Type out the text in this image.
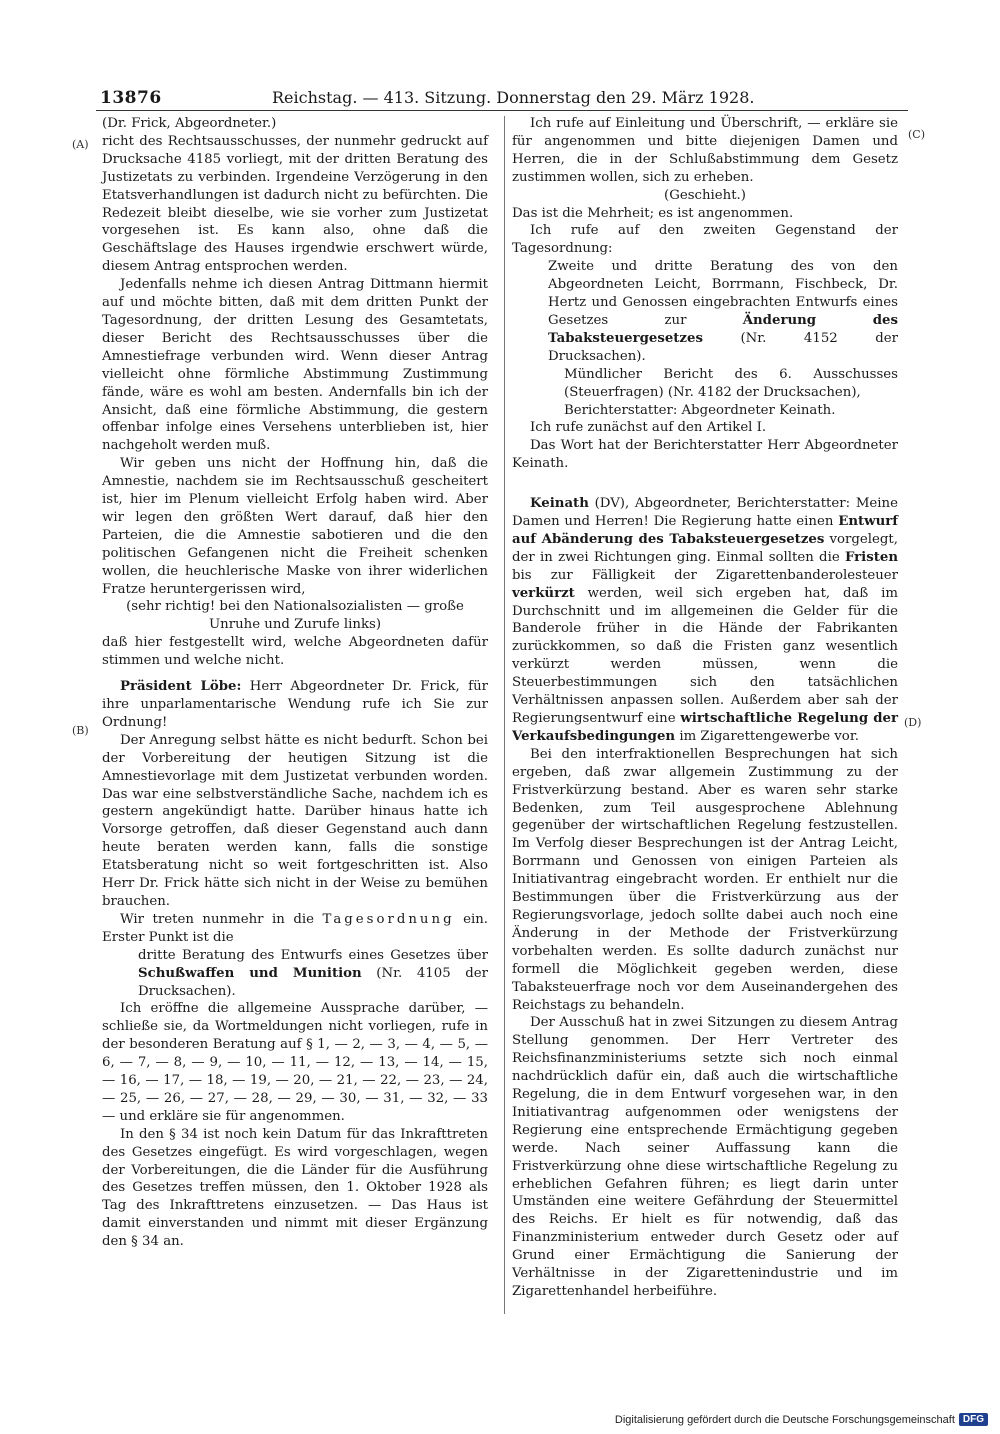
13876	Reichstag. — 413. Sitzung. Donnerstag den 29. März 1928.
(A)
(B)
(C)
(D)

(Dr. Frick, Abgeordneter.)

richt des Rechtsausschusses, der nunmehr gedruckt auf Drucksache 4185 vorliegt, mit der dritten Beratung des Justizetats zu verbinden. Irgendeine Verzögerung in den Etatsverhandlungen ist dadurch nicht zu befürchten. Die Redezeit bleibt dieselbe, wie sie vorher zum Justizetat vorgesehen ist. Es kann also, ohne daß die Geschäftslage des Hauses irgendwie erschwert würde, diesem Antrag entsprochen werden.

Jedenfalls nehme ich diesen Antrag Dittmann hiermit auf und möchte bitten, daß mit dem dritten Punkt der Tagesordnung, der dritten Lesung des Gesamtetats, dieser Bericht des Rechtsausschusses über die Amnestiefrage verbunden wird. Wenn dieser Antrag vielleicht ohne förmliche Abstimmung Zustimmung fände, wäre es wohl am besten. Andernfalls bin ich der Ansicht, daß eine förmliche Abstimmung, die gestern offenbar infolge eines Versehens unterblieben ist, hier nachgeholt werden muß.

Wir geben uns nicht der Hoffnung hin, daß die Amnestie, nachdem sie im Rechtsausschuß gescheitert ist, hier im Plenum vielleicht Erfolg haben wird. Aber wir legen den größten Wert darauf, daß hier den Parteien, die die Amnestie sabotieren und die den politischen Gefangenen nicht die Freiheit schenken wollen, die heuchlerische Maske von ihrer widerlichen Fratze heruntergerissen wird,

(sehr richtig! bei den Nationalsozialisten — große Unruhe und Zurufe links)

daß hier festgestellt wird, welche Abgeordneten dafür stimmen und welche nicht.

Präsident Löbe: Herr Abgeordneter Dr. Frick, für ihre unparlamentarische Wendung rufe ich Sie zur Ordnung!

Der Anregung selbst hätte es nicht bedurft. Schon bei der Vorbereitung der heutigen Sitzung ist die Amnestievorlage mit dem Justizetat verbunden worden. Das war eine selbstverständliche Sache, nachdem ich es gestern angekündigt hatte. Darüber hinaus hatte ich Vorsorge getroffen, daß dieser Gegenstand auch dann heute beraten werden kann, falls die sonstige Etatsberatung nicht so weit fortgeschritten ist. Also Herr Dr. Frick hätte sich nicht in der Weise zu bemühen brauchen.

Wir treten nunmehr in die Tagesordnung ein. Erster Punkt ist die

dritte Beratung des Entwurfs eines Gesetzes über Schußwaffen und Munition (Nr. 4105 der Drucksachen).

Ich eröffne die allgemeine Aussprache darüber, — schließe sie, da Wortmeldungen nicht vorliegen, rufe in der besonderen Beratung auf § 1, — 2, — 3, — 4, — 5, — 6, — 7, — 8, — 9, — 10, — 11, — 12, — 13, — 14, — 15, — 16, — 17, — 18, — 19, — 20, — 21, — 22, — 23, — 24, — 25, — 26, — 27, — 28, — 29, — 30, — 31, — 32, — 33 — und erkläre sie für angenommen.

In den § 34 ist noch kein Datum für das Inkrafttreten des Gesetzes eingefügt. Es wird vorgeschlagen, wegen der Vorbereitungen, die die Länder für die Ausführung des Gesetzes treffen müssen, den 1. Oktober 1928 als Tag des Inkrafttretens einzusetzen. — Das Haus ist damit einverstanden und nimmt mit dieser Ergänzung den § 34 an.

Ich rufe auf Einleitung und Überschrift, — erkläre sie für angenommen und bitte diejenigen Damen und Herren, die in der Schlußabstimmung dem Gesetz zustimmen wollen, sich zu erheben.

(Geschieht.)

Das ist die Mehrheit; es ist angenommen.

Ich rufe auf den zweiten Gegenstand der Tagesordnung:

Zweite und dritte Beratung des von den Abgeordneten Leicht, Borrmann, Fischbeck, Dr. Hertz und Genossen eingebrachten Entwurfs eines Gesetzes zur Änderung des Tabaksteuergesetzes (Nr. 4152 der Drucksachen).

Mündlicher Bericht des 6. Ausschusses (Steuerfragen) (Nr. 4182 der Drucksachen),

Berichterstatter: Abgeordneter Keinath.

Ich rufe zunächst auf den Artikel I.

Das Wort hat der Berichterstatter Herr Abgeordneter Keinath.

Keinath (DV), Abgeordneter, Berichterstatter: Meine Damen und Herren! Die Regierung hatte einen Entwurf auf Abänderung des Tabaksteuergesetzes vorgelegt, der in zwei Richtungen ging. Einmal sollten die Fristen bis zur Fälligkeit der Zigarettenbanderolesteuer verkürzt werden, weil sich ergeben hat, daß im Durchschnitt und im allgemeinen die Gelder für die Banderole früher in die Hände der Fabrikanten zurückkommen, so daß die Fristen ganz wesentlich verkürzt werden müssen, wenn die Steuerbestimmungen sich den tatsächlichen Verhältnissen anpassen sollen. Außerdem aber sah der Regierungsentwurf eine wirtschaftliche Regelung der Verkaufsbedingungen im Zigarettengewerbe vor.

Bei den interfraktionellen Besprechungen hat sich ergeben, daß zwar allgemein Zustimmung zu der Fristverkürzung bestand. Aber es waren sehr starke Bedenken, zum Teil ausgesprochene Ablehnung gegenüber der wirtschaftlichen Regelung festzustellen. Im Verfolg dieser Besprechungen ist der Antrag Leicht, Borrmann und Genossen von einigen Parteien als Initiativantrag eingebracht worden. Er enthielt nur die Bestimmungen über die Fristverkürzung aus der Regierungsvorlage, jedoch sollte dabei auch noch eine Änderung in der Methode der Fristverkürzung vorbehalten werden. Es sollte dadurch zunächst nur formell die Möglichkeit gegeben werden, diese Tabaksteuerfrage noch vor dem Auseinandergehen des Reichstags zu behandeln.

Der Ausschuß hat in zwei Sitzungen zu diesem Antrag Stellung genommen. Der Herr Vertreter des Reichsfinanzministeriums setzte sich noch einmal nachdrücklich dafür ein, daß auch die wirtschaftliche Regelung, die in dem Entwurf vorgesehen war, in den Initiativantrag aufgenommen oder wenigstens der Regierung eine entsprechende Ermächtigung gegeben werde. Nach seiner Auffassung kann die Fristverkürzung ohne diese wirtschaftliche Regelung zu erheblichen Gefahren führen; es liegt darin unter Umständen eine weitere Gefährdung der Steuermittel des Reichs. Er hielt es für notwendig, daß das Finanzministerium entweder durch Gesetz oder auf Grund einer Ermächtigung die Sanierung der Verhältnisse in der Zigarettenindustrie und im Zigarettenhandel herbeiführe.

Digitalisierung gefördert durch die Deutsche Forschungsgemeinschaft DFG
